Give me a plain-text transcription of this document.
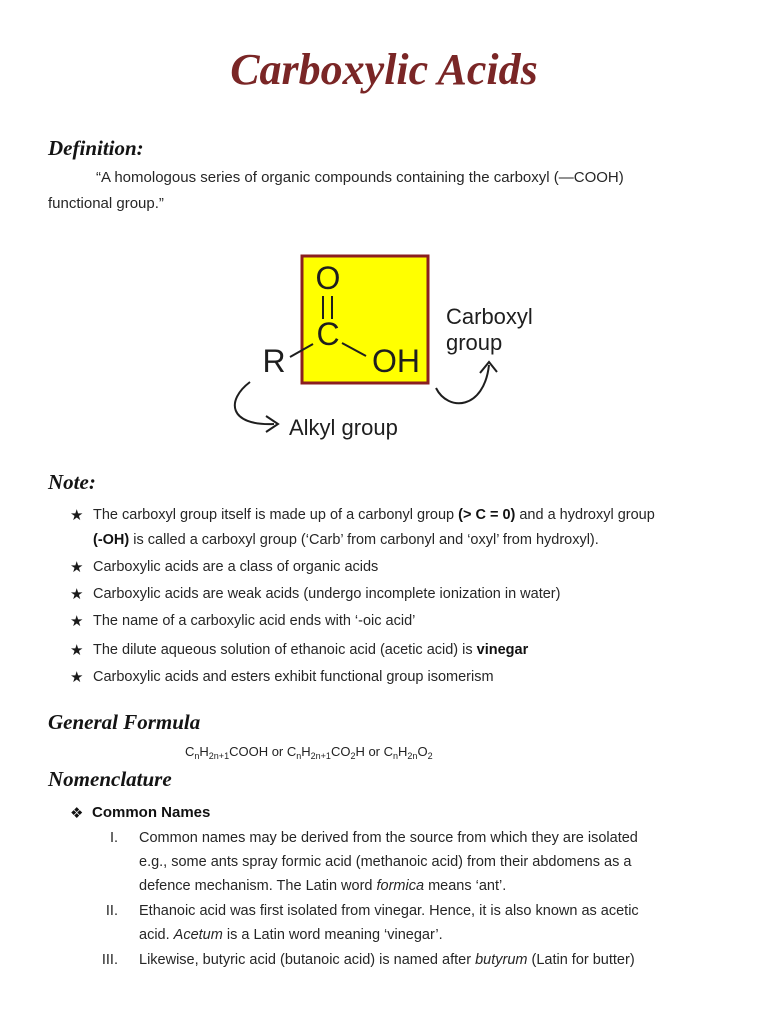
Carboxylic Acids
Definition:
“A homologous series of organic compounds containing the carboxyl (—COOH)
functional group.”
O
C
R	OH
Carboxyl
group
Alkyl group
Note:
★ The carboxyl group itself is made up of a carbonyl group (> C = 0) and a hydroxyl group
(-OH) is called a carboxyl group (‘Carb’ from carbonyl and ‘oxyl’ from hydroxyl).
★ Carboxylic acids are a class of organic acids
★ Carboxylic acids are weak acids (undergo incomplete ionization in water)
★ The name of a carboxylic acid ends with ‘-oic acid’
★ The dilute aqueous solution of ethanoic acid (acetic acid) is vinegar
★ Carboxylic acids and esters exhibit functional group isomerism
General Formula
$C_nH_{2n+1}COOH$ or $C_nH_{2n+1}CO_2H$ or $C_nH_{2n}O_2$
Nomenclature
❖ Common Names
I. Common names may be derived from the source from which they are isolated
e.g., some ants spray formic acid (methanoic acid) from their abdomens as a
defence mechanism. The Latin word formica means ‘ant’.
II. Ethanoic acid was first isolated from vinegar. Hence, it is also known as acetic
acid. Acetum is a Latin word meaning ‘vinegar’.
III. Likewise, butyric acid (butanoic acid) is named after butyrum (Latin for butter)
